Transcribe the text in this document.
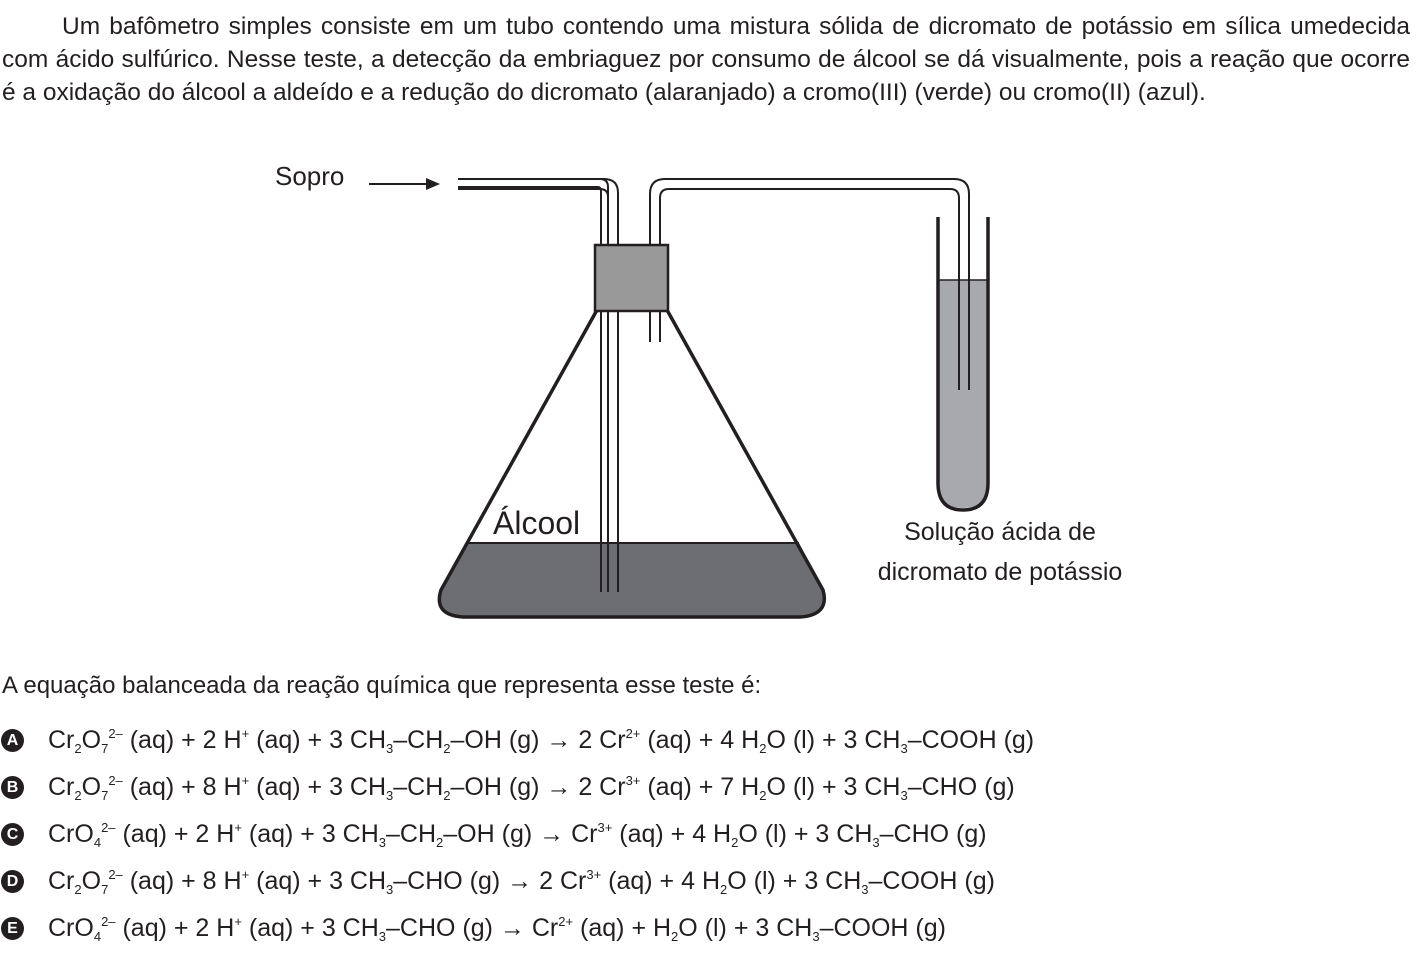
Um bafômetro simples consiste em um tubo contendo uma mistura sólida de dicromato de potássio em sílica umedecida com ácido sulfúrico. Nesse teste, a detecção da embriaguez por consumo de álcool se dá visualmente, pois a reação que ocorre é a oxidação do álcool a aldeído e a redução do dicromato (alaranjado) a cromo(III) (verde) ou cromo(II) (azul).

Sopro
Álcool	Solução ácida de
dicromato de potássio

A equação balanceada da reação química que representa esse teste é:

A $Cr_2O_7^{2-}$ (aq) + 2 H+ (aq) + 3 $CH_3-CH_2-OH$ (g) → 2 $Cr^{2+}$ (aq) + 4 $H_2O$ (l) + 3 $CH_3$–COOH (g)
B $Cr_2O_7^{2-}$ (aq) + 8 H+ (aq) + 3 $CH_3-CH_2-OH$ (g) → 2 $Cr^{3+}$ (aq) + 7 $H_2O$ (l) + 3 $CH_3$–CHO (g)
C CrO$_4^{2-}$ (aq) + 2 H+ (aq) + 3 $CH_3-CH_2-OH$ $(g) \to Cr^{3+}$ (aq) + 4 $H_2O$ (l) + 3 $CH_3$–CHO (g)
D $Cr_2O_7^{2-}$ (aq) + 8 H+ (aq) + 3 $CH_3$–CHO (g) → 2 $Cr^{3+}$ (aq) + 4 $H_2O$ (l) + 3 $CH_3$–COOH (g)
E CrO$_4^{2-}$ (aq) + 2 H+ (aq) + 3 $CH_3$–CHO $(g) \to Cr^{2+}$ $(aq) + H_2O$ (l) + 3 $CH_3$–COOH (g)
